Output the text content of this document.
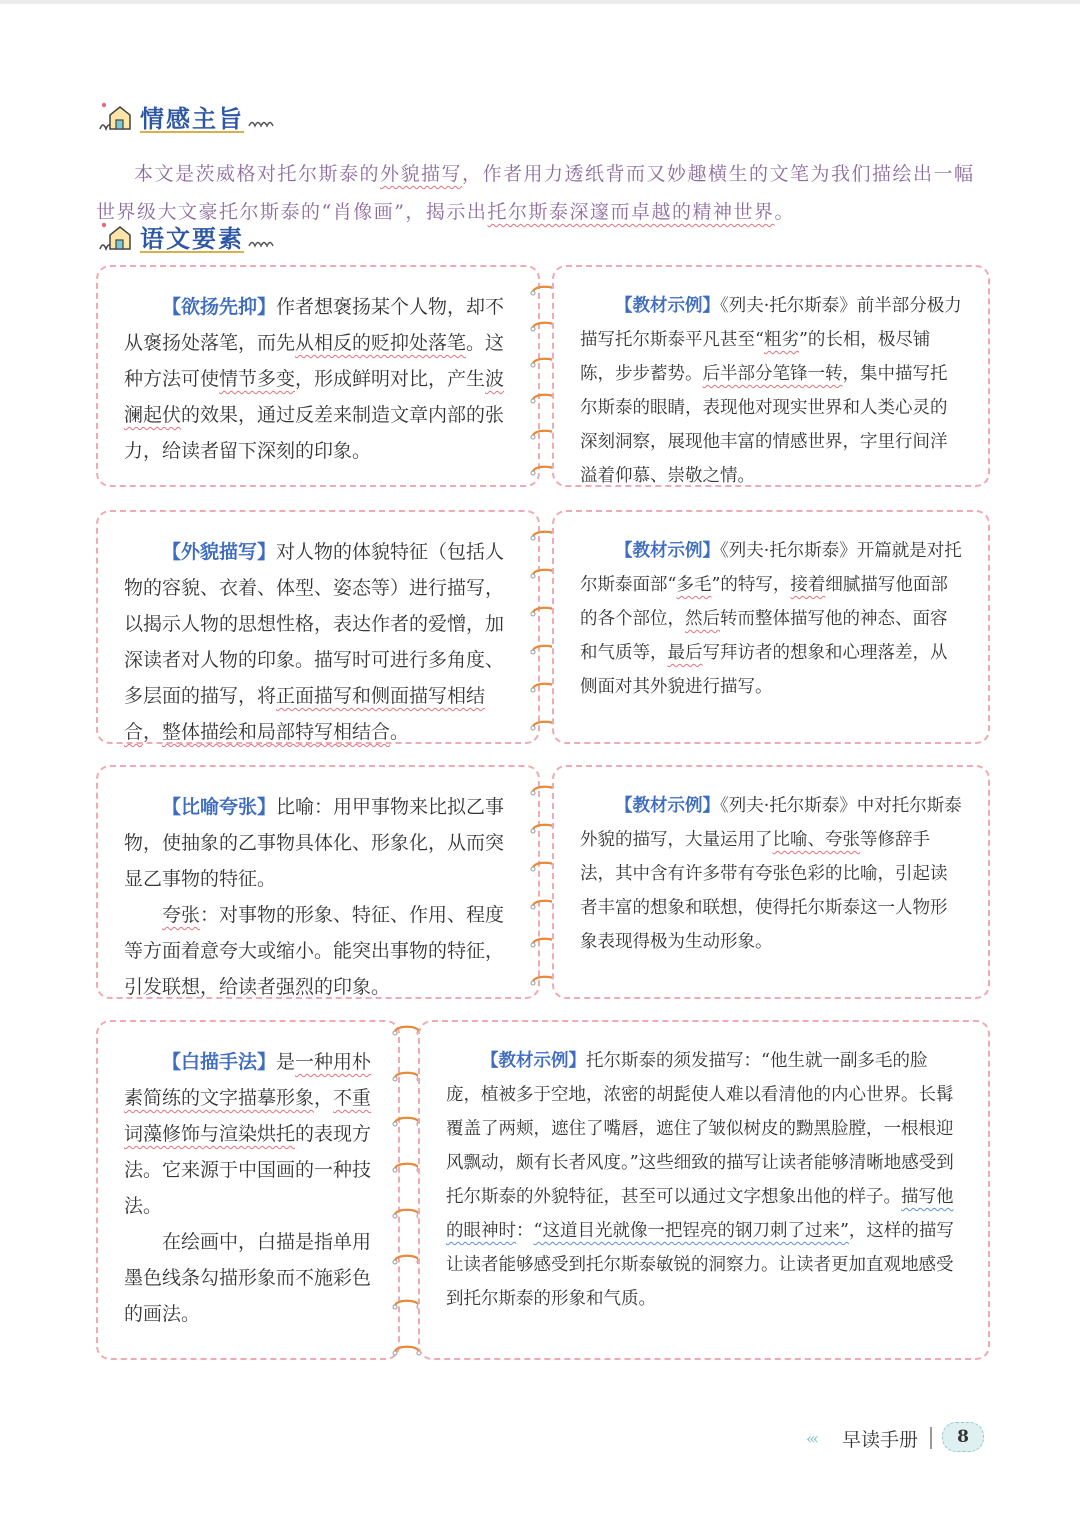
情感主旨

本文是茨威格对托尔斯泰的外貌描写，作者用力透纸背而又妙趣横生的文笔为我们描绘出一幅世界级大文豪托尔斯泰的“肖像画”，揭示出托尔斯泰深邃而卓越的精神世界。

语文要素

【欲扬先抑】作者想褒扬某个人物，却不从褒扬处落笔，而先从相反的贬抑处落笔。这种方法可使情节多变，形成鲜明对比，产生波澜起伏的效果，通过反差来制造文章内部的张力，给读者留下深刻的印象。

【教材示例】《列夫·托尔斯泰》前半部分极力描写托尔斯泰平凡甚至“粗劣”的长相，极尽铺陈，步步蓄势。后半部分笔锋一转，集中描写托尔斯泰的眼睛，表现他对现实世界和人类心灵的深刻洞察，展现他丰富的情感世界，字里行间洋溢着仰慕、崇敬之情。

【外貌描写】对人物的体貌特征（包括人物的容貌、衣着、体型、姿态等）进行描写，以揭示人物的思想性格，表达作者的爱憎，加深读者对人物的印象。描写时可进行多角度、多层面的描写，将正面描写和侧面描写相结合，整体描绘和局部特写相结合。

【教材示例】《列夫·托尔斯泰》开篇就是对托尔斯泰面部“多毛”的特写，接着细腻描写他面部的各个部位，然后转而整体描写他的神态、面容和气质等，最后写拜访者的想象和心理落差，从侧面对其外貌进行描写。

【比喻夸张】比喻：用甲事物来比拟乙事物，使抽象的乙事物具体化、形象化，从而突显乙事物的特征。

夸张：对事物的形象、特征、作用、程度等方面着意夸大或缩小。能突出事物的特征，引发联想，给读者强烈的印象。

【教材示例】《列夫·托尔斯泰》中对托尔斯泰外貌的描写，大量运用了比喻、夸张等修辞手法，其中含有许多带有夸张色彩的比喻，引起读者丰富的想象和联想，使得托尔斯泰这一人物形象表现得极为生动形象。

【白描手法】是一种用朴素简练的文字描摹形象，不重词藻修饰与渲染烘托的表现方法。它来源于中国画的一种技法。

在绘画中，白描是指单用墨色线条勾描形象而不施彩色的画法。

【教材示例】托尔斯泰的须发描写：“他生就一副多毛的脸庞，植被多于空地，浓密的胡髭使人难以看清他的内心世界。长髯覆盖了两颊，遮住了嘴唇，遮住了皱似树皮的黝黑脸膛，一根根迎风飘动，颇有长者风度。”这些细致的描写让读者能够清晰地感受到托尔斯泰的外貌特征，甚至可以通过文字想象出他的样子。描写他的眼神时：“这道目光就像一把锃亮的钢刀刺了过来”，这样的描写让读者能够感受到托尔斯泰敏锐的洞察力。让读者更加直观地感受到托尔斯泰的形象和气质。

‹‹‹ 早读手册	8
